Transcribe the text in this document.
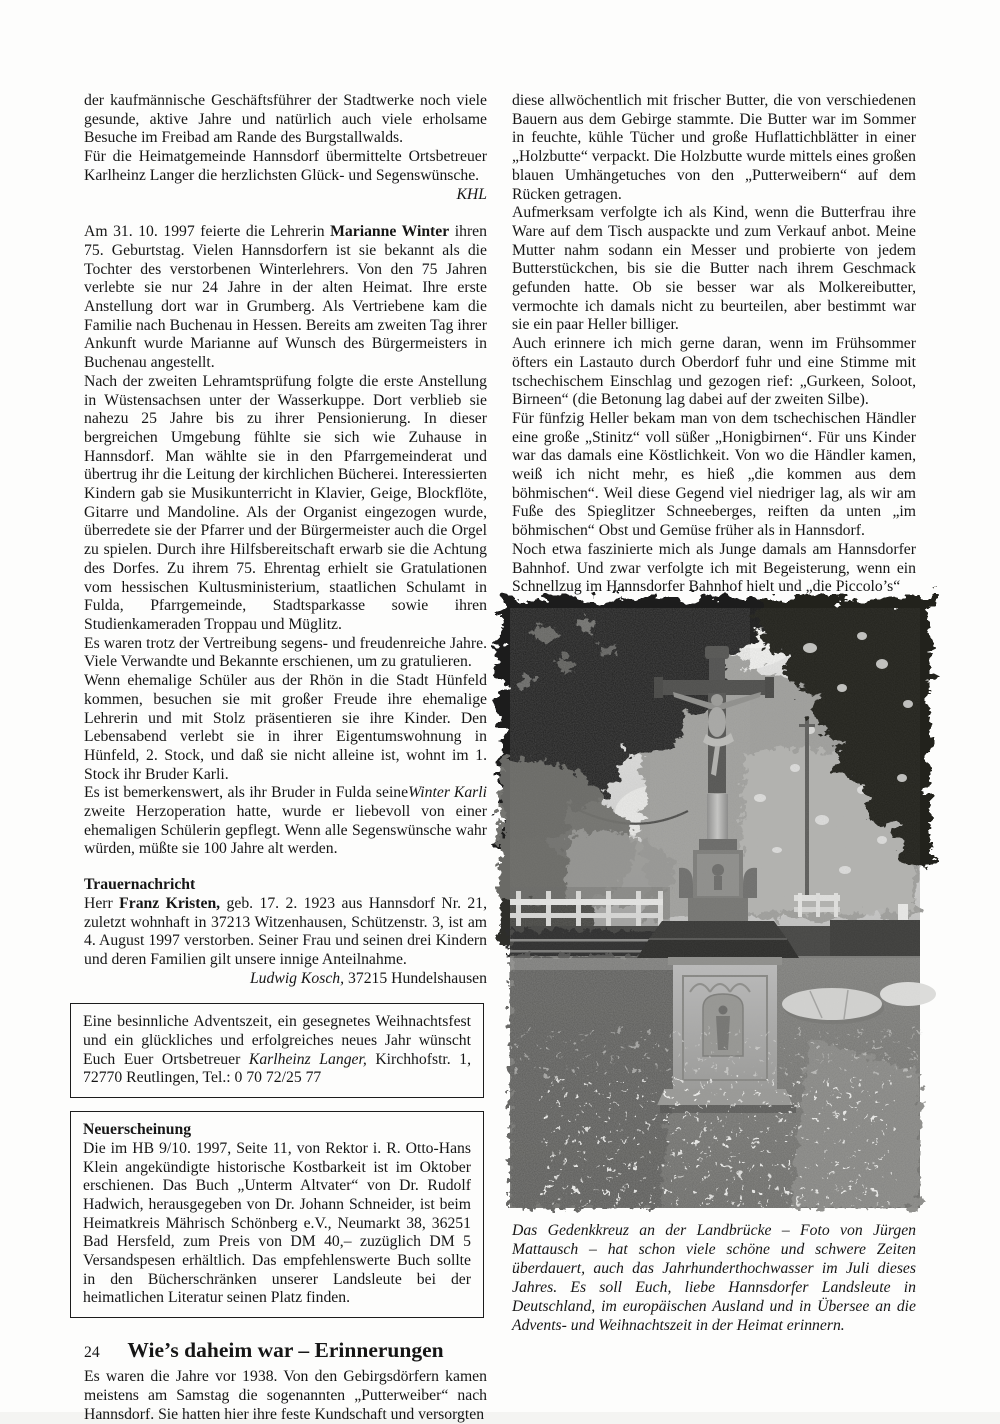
der kaufmännische Geschäftsführer der Stadtwerke noch viele gesunde, aktive Jahre und natürlich auch viele erholsame Besuche im Freibad am Rande des Burgstallwalds.

Für die Heimatgemeinde Hannsdorf übermittelte Ortsbetreuer Karlheinz Langer die herzlichsten Glück- und Segenswünsche.

KHL

Am 31. 10. 1997 feierte die Lehrerin Marianne Winter ihren 75. Geburtstag. Vielen Hannsdorfern ist sie bekannt als die Tochter des verstorbenen Winterlehrers. Von den 75 Jahren verlebte sie nur 24 Jahre in der alten Heimat. Ihre erste Anstellung dort war in Grumberg. Als Vertriebene kam die Familie nach Buchenau in Hessen. Bereits am zweiten Tag ihrer Ankunft wurde Marianne auf Wunsch des Bürgermeisters in Buchenau angestellt.

Nach der zweiten Lehramtsprüfung folgte die erste Anstellung in Wüstensachsen unter der Wasserkuppe. Dort verblieb sie nahezu 25 Jahre bis zu ihrer Pensionierung. In dieser bergreichen Umgebung fühlte sie sich wie Zuhause in Hannsdorf. Man wählte sie in den Pfarrgemeinderat und übertrug ihr die Leitung der kirchlichen Bücherei. Interessierten Kindern gab sie Musikunterricht in Klavier, Geige, Blockflöte, Gitarre und Mandoline. Als der Organist eingezogen wurde, überredete sie der Pfarrer und der Bürgermeister auch die Orgel zu spielen. Durch ihre Hilfsbereitschaft erwarb sie die Achtung des Dorfes. Zu ihrem 75. Ehrentag erhielt sie Gratulationen vom hessischen Kultusministerium, staatlichen Schulamt in Fulda, Pfarrgemeinde, Stadtsparkasse sowie ihren Studienkameraden Troppau und Müglitz.

Es waren trotz der Vertreibung segens- und freudenreiche Jahre. Viele Verwandte und Bekannte erschienen, um zu gratulieren.

Wenn ehemalige Schüler aus der Rhön in die Stadt Hünfeld kommen, besuchen sie mit großer Freude ihre ehemalige Lehrerin und mit Stolz präsentieren sie ihre Kinder. Den Lebensabend verlebt sie in ihrer Eigentumswohnung in Hünfeld, 2. Stock, und daß sie nicht alleine ist, wohnt im 1. Stock ihr Bruder Karli.

Winter Karli
Es ist bemerkenswert, als ihr Bruder in Fulda seine zweite Herzoperation hatte, wurde er liebevoll von einer ehemaligen Schülerin gepflegt. Wenn alle Segenswünsche wahr würden, müßte sie 100 Jahre alt werden.

Trauernachricht

Herr Franz Kristen, geb. 17. 2. 1923 aus Hannsdorf Nr. 21, zuletzt wohnhaft in 37213 Witzenhausen, Schützenstr. 3, ist am 4. August 1997 verstorben. Seiner Frau und seinen drei Kindern und deren Familien gilt unsere innige Anteilnahme.

Ludwig Kosch, 37215 Hundelshausen

Eine besinnliche Adventszeit, ein gesegnetes Weihnachtsfest und ein glückliches und erfolgreiches neues Jahr wünscht Euch Euer Ortsbetreuer Karlheinz Langer, Kirchhofstr. 1, 72770 Reutlingen, Tel.: 0 70 72/25 77

Neuerscheinung

Die im HB 9/10. 1997, Seite 11, von Rektor i. R. Otto-Hans Klein angekündigte historische Kostbarkeit ist im Oktober erschienen. Das Buch „Unterm Altvater“ von Dr. Rudolf Hadwich, herausgegeben von Dr. Johann Schneider, ist beim Heimatkreis Mährisch Schönberg e.V., Neumarkt 38, 36251 Bad Hersfeld, zum Preis von DM 40,– zuzüglich DM 5 Versandspesen erhältlich. Das empfehlenswerte Buch sollte in den Bücherschränken unserer Landsleute bei der heimatlichen Literatur seinen Platz finden.

Wie’s daheim war – Erinnerungen

Es waren die Jahre vor 1938. Von den Gebirgsdörfern kamen meistens am Samstag die sogenannten „Putterweiber“ nach Hannsdorf. Sie hatten hier ihre feste Kundschaft und versorgten

diese allwöchentlich mit frischer Butter, die von verschiedenen Bauern aus dem Gebirge stammte. Die Butter war im Sommer in feuchte, kühle Tücher und große Huflattichblätter in einer „Holzbutte“ verpackt. Die Holzbutte wurde mittels eines großen blauen Umhängetuches von den „Putterweibern“ auf dem Rücken getragen.

Aufmerksam verfolgte ich als Kind, wenn die Butterfrau ihre Ware auf dem Tisch auspackte und zum Verkauf anbot. Meine Mutter nahm sodann ein Messer und probierte von jedem Butterstückchen, bis sie die Butter nach ihrem Geschmack gefunden hatte. Ob sie besser war als Molkereibutter, vermochte ich damals nicht zu beurteilen, aber bestimmt war sie ein paar Heller billiger.

Auch erinnere ich mich gerne daran, wenn im Frühsommer öfters ein Lastauto durch Oberdorf fuhr und eine Stimme mit tschechischem Einschlag und gezogen rief: „Gurkeen, Soloot, Birneen“ (die Betonung lag dabei auf der zweiten Silbe).

Für fünfzig Heller bekam man von dem tschechischen Händler eine große „Stinitz“ voll süßer „Honigbirnen“. Für uns Kinder war das damals eine Köstlichkeit. Von wo die Händler kamen, weiß ich nicht mehr, es hieß „die kommen aus dem böhmischen“. Weil diese Gegend viel niedriger lag, als wir am Fuße des Spieglitzer Schneeberges, reiften da unten „im böhmischen“ Obst und Gemüse früher als in Hannsdorf.

Noch etwa faszinierte mich als Junge damals am Hannsdorfer Bahnhof. Und zwar verfolgte ich mit Begeisterung, wenn ein Schnellzug im Hannsdorfer Bahnhof hielt und „die Piccolo’s“

Das Gedenkkreuz an der Landbrücke – Foto von Jürgen Mattausch – hat schon viele schöne und schwere Zeiten überdauert, auch das Jahrhunderthochwasser im Juli dieses Jahres. Es soll Euch, liebe Hannsdorfer Landsleute in Deutschland, im europäischen Ausland und in Übersee an die Advents- und Weihnachtszeit in der Heimat erinnern.

24
